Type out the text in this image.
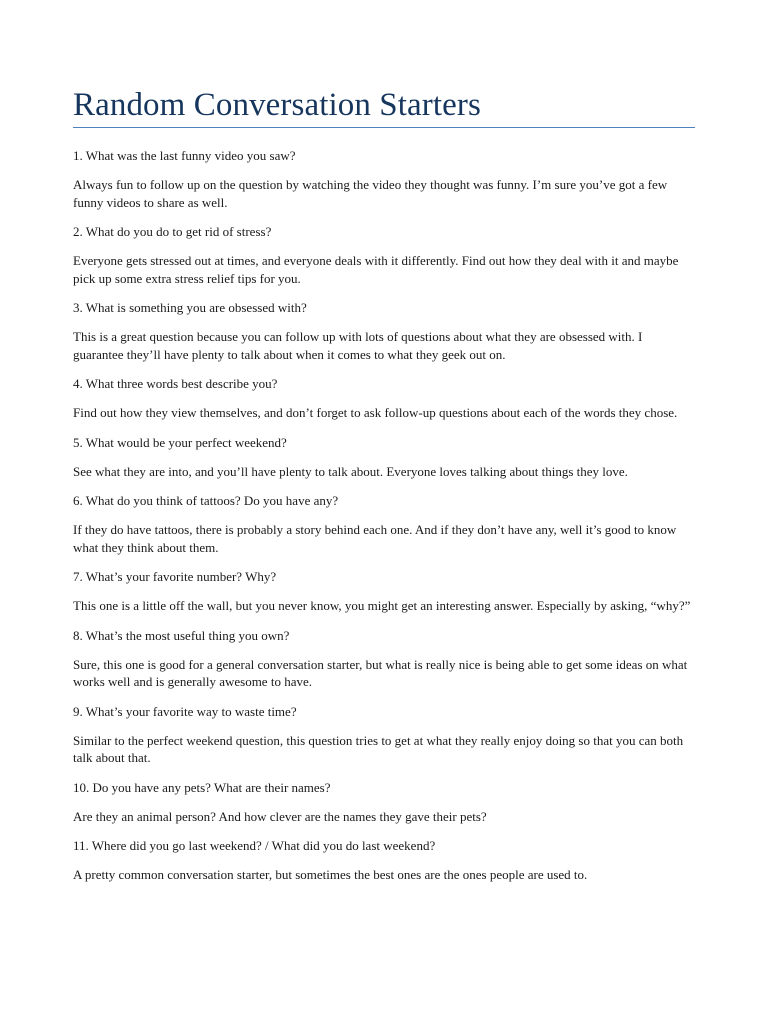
Random Conversation Starters

1. What was the last funny video you saw?

Always fun to follow up on the question by watching the video they thought was funny. I’m sure you’ve got a few funny videos to share as well.

2. What do you do to get rid of stress?

Everyone gets stressed out at times, and everyone deals with it differently. Find out how they deal with it and maybe pick up some extra stress relief tips for you.

3. What is something you are obsessed with?

This is a great question because you can follow up with lots of questions about what they are obsessed with. I guarantee they’ll have plenty to talk about when it comes to what they geek out on.

4. What three words best describe you?

Find out how they view themselves, and don’t forget to ask follow-up questions about each of the words they chose.

5. What would be your perfect weekend?

See what they are into, and you’ll have plenty to talk about. Everyone loves talking about things they love.

6. What do you think of tattoos? Do you have any?

If they do have tattoos, there is probably a story behind each one. And if they don’t have any, well it’s good to know what they think about them.

7. What’s your favorite number? Why?

This one is a little off the wall, but you never know, you might get an interesting answer. Especially by asking, “why?”

8. What’s the most useful thing you own?

Sure, this one is good for a general conversation starter, but what is really nice is being able to get some ideas on what works well and is generally awesome to have.

9. What’s your favorite way to waste time?

Similar to the perfect weekend question, this question tries to get at what they really enjoy doing so that you can both talk about that.

10. Do you have any pets? What are their names?

Are they an animal person? And how clever are the names they gave their pets?

11. Where did you go last weekend? / What did you do last weekend?

A pretty common conversation starter, but sometimes the best ones are the ones people are used to.
